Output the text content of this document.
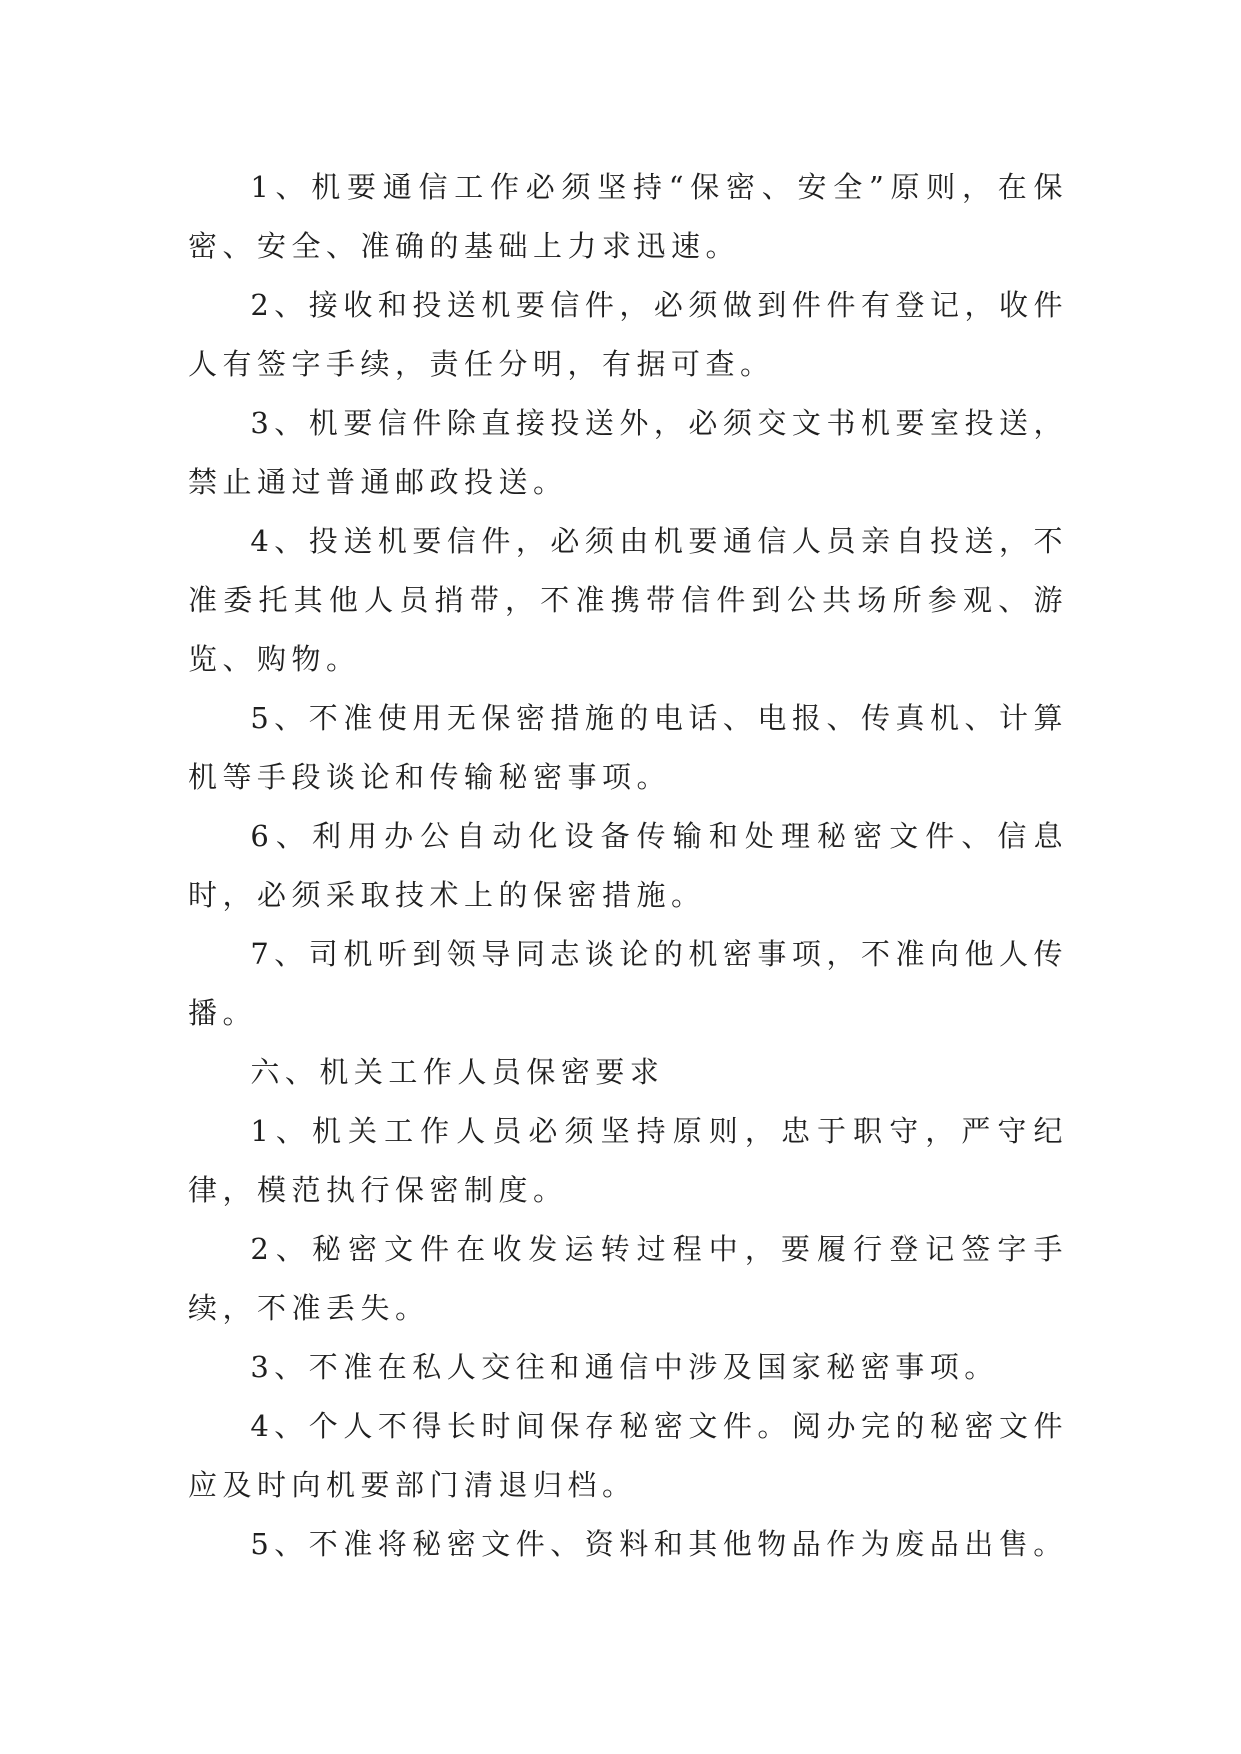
1、机要通信工作必须坚持“保密、安全”原则，在保密、安全、准确的基础上力求迅速。

2、接收和投送机要信件，必须做到件件有登记，收件人有签字手续，责任分明，有据可查。

3、机要信件除直接投送外，必须交文书机要室投送，禁止通过普通邮政投送。

4、投送机要信件，必须由机要通信人员亲自投送，不准委托其他人员捎带，不准携带信件到公共场所参观、游览、购物。

5、不准使用无保密措施的电话、电报、传真机、计算机等手段谈论和传输秘密事项。

6、利用办公自动化设备传输和处理秘密文件、信息时，必须采取技术上的保密措施。

7、司机听到领导同志谈论的机密事项，不准向他人传播。

六、机关工作人员保密要求

1、机关工作人员必须坚持原则，忠于职守，严守纪律，模范执行保密制度。

2、秘密文件在收发运转过程中，要履行登记签字手续，不准丢失。

3、不准在私人交往和通信中涉及国家秘密事项。

4、个人不得长时间保存秘密文件。阅办完的秘密文件应及时向机要部门清退归档。

5、不准将秘密文件、资料和其他物品作为废品出售。
